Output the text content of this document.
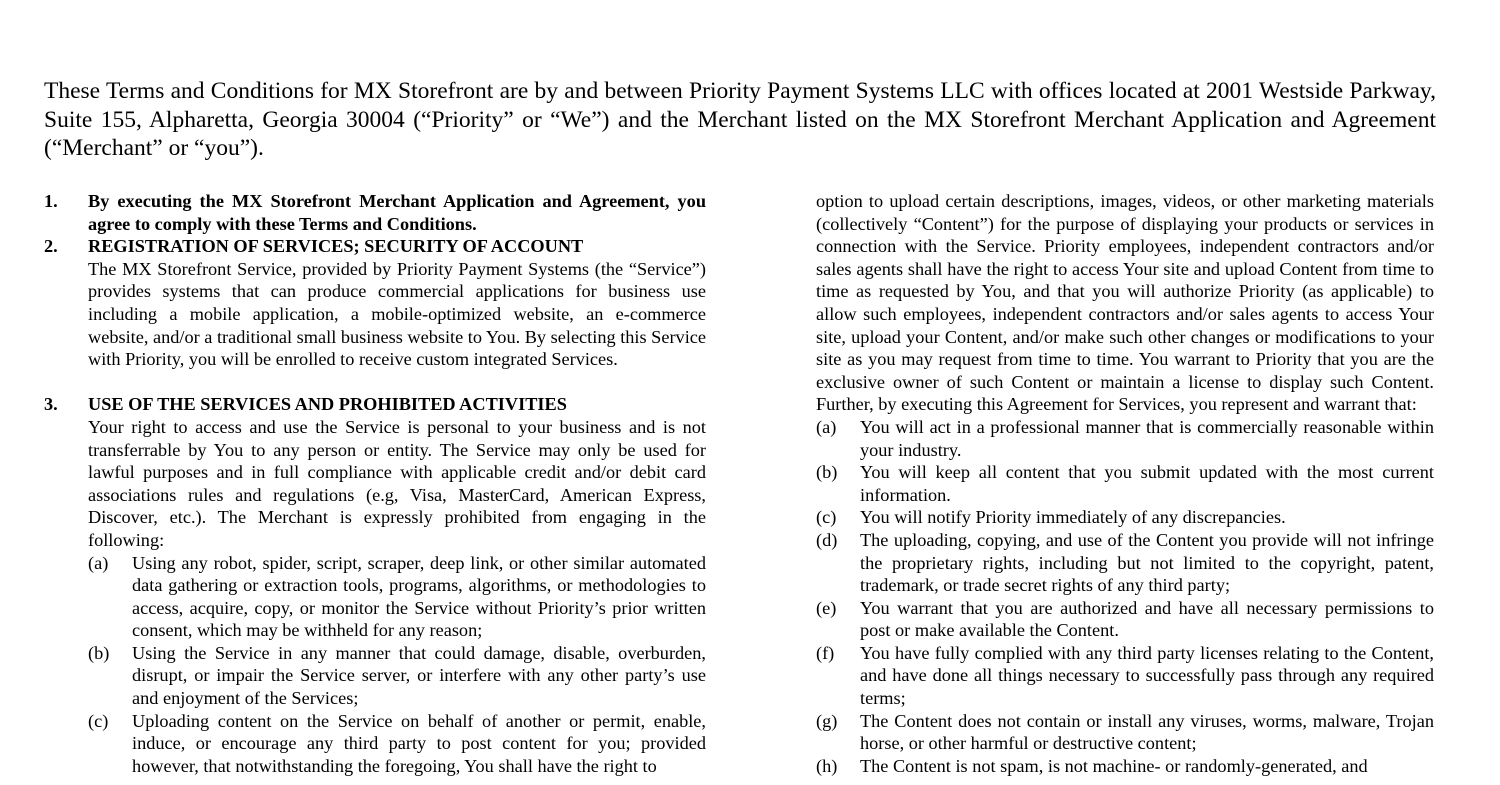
These Terms and Conditions for MX Storefront are by and between Priority Payment Systems LLC with offices located at 2001 Westside Parkway, Suite 155, Alpharetta, Georgia 30004 (“Priority” or “We”) and the Merchant listed on the MX Storefront Merchant Application and Agreement (“Merchant” or “you”).
1.	By executing the MX Storefront Merchant Application and Agreement, you agree to comply with these Terms and Conditions.
2.	REGISTRATION OF SERVICES; SECURITY OF ACCOUNT
The MX Storefront Service, provided by Priority Payment Systems (the “Service”) provides systems that can produce commercial applications for business use including a mobile application, a mobile-optimized website, an e-commerce website, and/or a traditional small business website to You. By selecting this Service with Priority, you will be enrolled to receive custom integrated Services.
3.	USE OF THE SERVICES AND PROHIBITED ACTIVITIES
Your right to access and use the Service is personal to your business and is not transferrable by You to any person or entity. The Service may only be used for lawful purposes and in full compliance with applicable credit and/or debit card associations rules and regulations (e.g, Visa, MasterCard, American Express, Discover, etc.). The Merchant is expressly prohibited from engaging in the following:
(a)	Using any robot, spider, script, scraper, deep link, or other similar automated data gathering or extraction tools, programs, algorithms, or methodologies to access, acquire, copy, or monitor the Service without Priority’s prior written consent, which may be withheld for any reason;
(b)	Using the Service in any manner that could damage, disable, overburden, disrupt, or impair the Service server, or interfere with any other party’s use and enjoyment of the Services;
(c)	Uploading content on the Service on behalf of another or permit, enable, induce, or encourage any third party to post content for you; provided however, that notwithstanding the foregoing, You shall have the right to
option to upload certain descriptions, images, videos, or other marketing materials (collectively “Content”) for the purpose of displaying your products or services in connection with the Service. Priority employees, independent contractors and/or sales agents shall have the right to access Your site and upload Content from time to time as requested by You, and that you will authorize Priority (as applicable) to allow such employees, independent contractors and/or sales agents to access Your site, upload your Content, and/or make such other changes or modifications to your site as you may request from time to time. You warrant to Priority that you are the exclusive owner of such Content or maintain a license to display such Content. Further, by executing this Agreement for Services, you represent and warrant that:
(a)	You will act in a professional manner that is commercially reasonable within your industry.
(b)	You will keep all content that you submit updated with the most current information.
(c)	You will notify Priority immediately of any discrepancies.
(d)	The uploading, copying, and use of the Content you provide will not infringe the proprietary rights, including but not limited to the copyright, patent, trademark, or trade secret rights of any third party;
(e)	You warrant that you are authorized and have all necessary permissions to post or make available the Content.
(f)	You have fully complied with any third party licenses relating to the Content, and have done all things necessary to successfully pass through any required terms;
(g)	The Content does not contain or install any viruses, worms, malware, Trojan horse, or other harmful or destructive content;
(h)	The Content is not spam, is not machine- or randomly-generated, and
